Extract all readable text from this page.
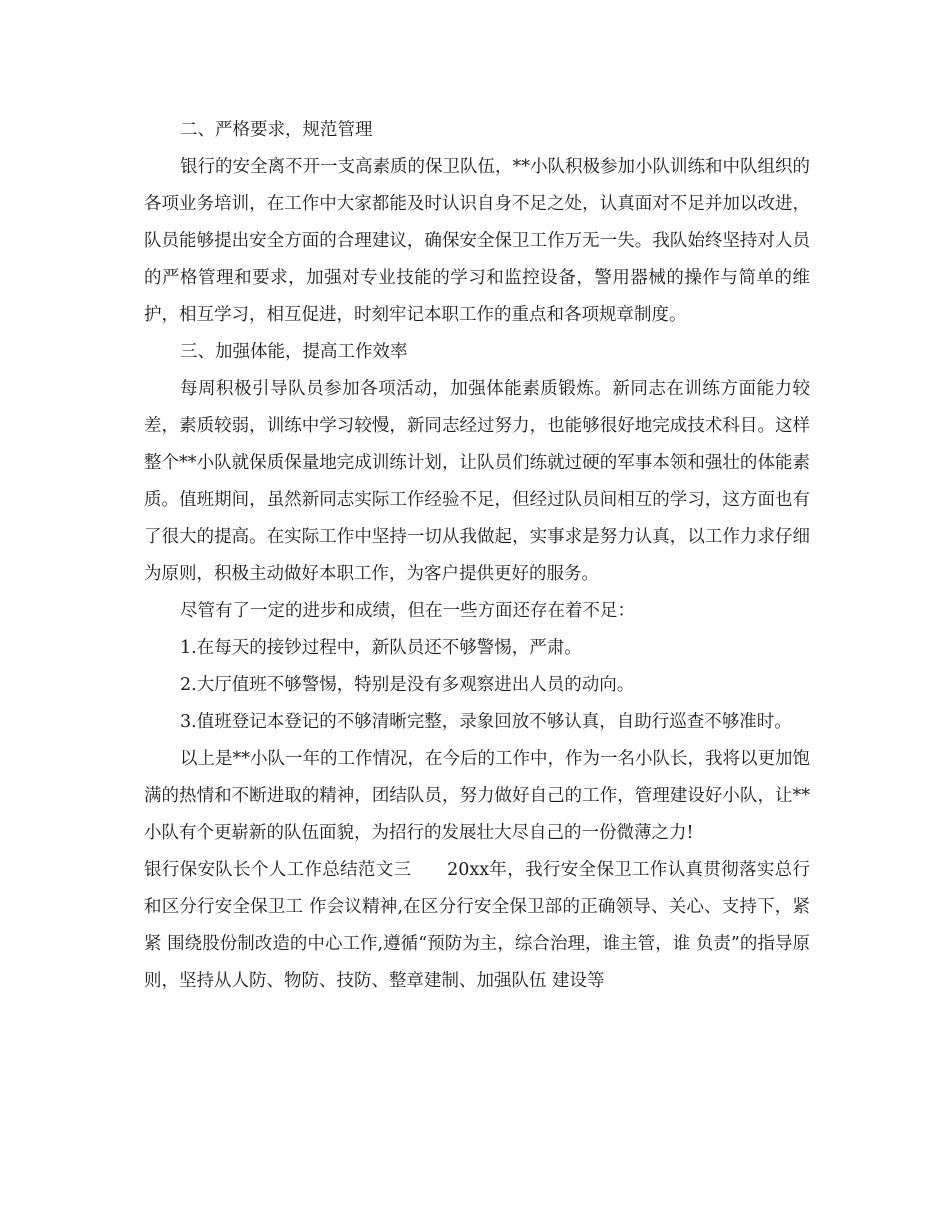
二、严格要求，规范管理

银行的安全离不开一支高素质的保卫队伍，**小队积极参加小队训练和中队组织的各项业务培训，在工作中大家都能及时认识自身不足之处，认真面对不足并加以改进，队员能够提出安全方面的合理建议，确保安全保卫工作万无一失。我队始终坚持对人员的严格管理和要求，加强对专业技能的学习和监控设备，警用器械的操作与简单的维护，相互学习，相互促进，时刻牢记本职工作的重点和各项规章制度。

三、加强体能，提高工作效率

每周积极引导队员参加各项活动，加强体能素质锻炼。新同志在训练方面能力较差，素质较弱，训练中学习较慢，新同志经过努力，也能够很好地完成技术科目。这样整个**小队就保质保量地完成训练计划，让队员们练就过硬的军事本领和强壮的体能素质。值班期间，虽然新同志实际工作经验不足，但经过队员间相互的学习，这方面也有了很大的提高。在实际工作中坚持一切从我做起，实事求是努力认真，以工作力求仔细为原则，积极主动做好本职工作，为客户提供更好的服务。

尽管有了一定的进步和成绩，但在一些方面还存在着不足：

1.在每天的接钞过程中，新队员还不够警惕，严肃。

2.大厅值班不够警惕，特别是没有多观察进出人员的动向。

3.值班登记本登记的不够清晰完整，录象回放不够认真，自助行巡查不够准时。

以上是**小队一年的工作情况，在今后的工作中，作为一名小队长，我将以更加饱满的热情和不断进取的精神，团结队员，努力做好自己的工作，管理建设好小队，让**小队有个更崭新的队伍面貌，为招行的发展壮大尽自己的一份微薄之力!

银行保安队长个人工作总结范文三　　20xx年，我行安全保卫工作认真贯彻落实总行和区分行安全保卫工 作会议精神,在区分行安全保卫部的正确领导、关心、支持下，紧紧 围绕股份制改造的中心工作,遵循“预防为主，综合治理，谁主管，谁 负责”的指导原则，坚持从人防、物防、技防、整章建制、加强队伍 建设等
